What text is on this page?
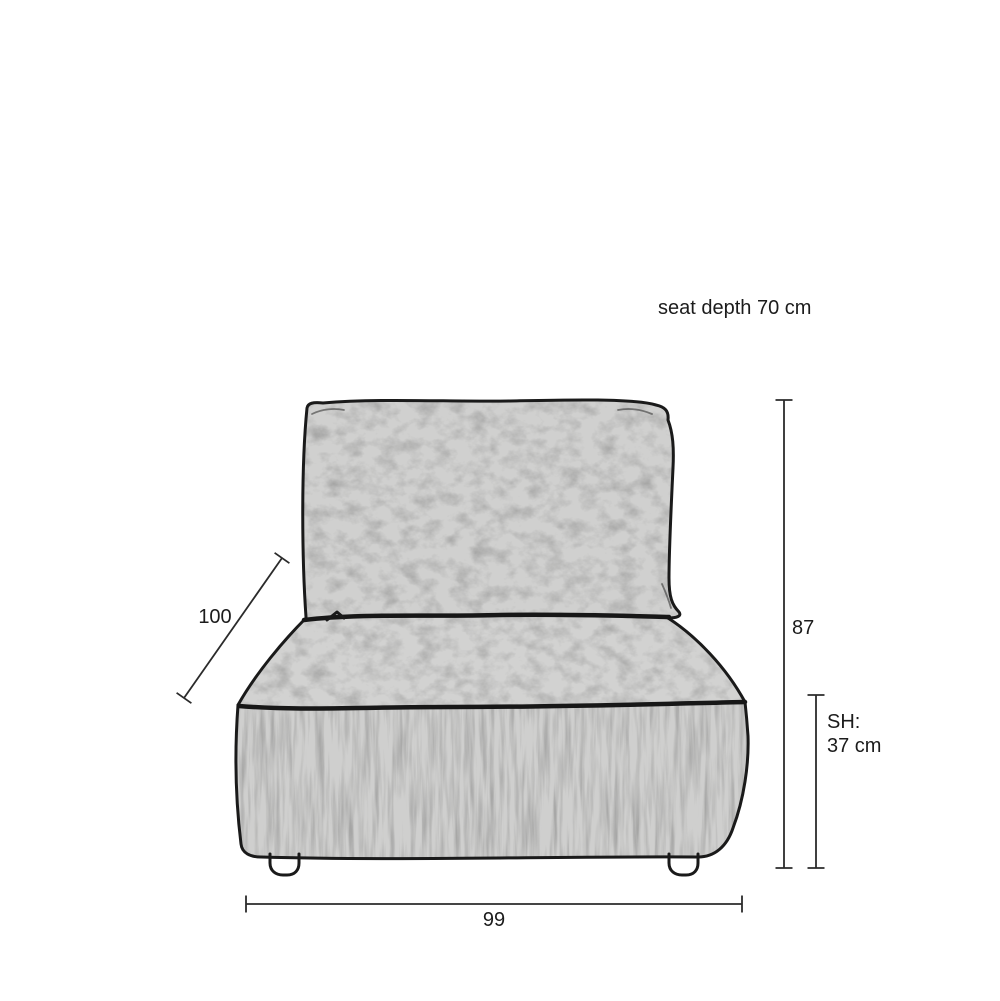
seat depth 70 cm
100	87
SH:
37 cm
99
